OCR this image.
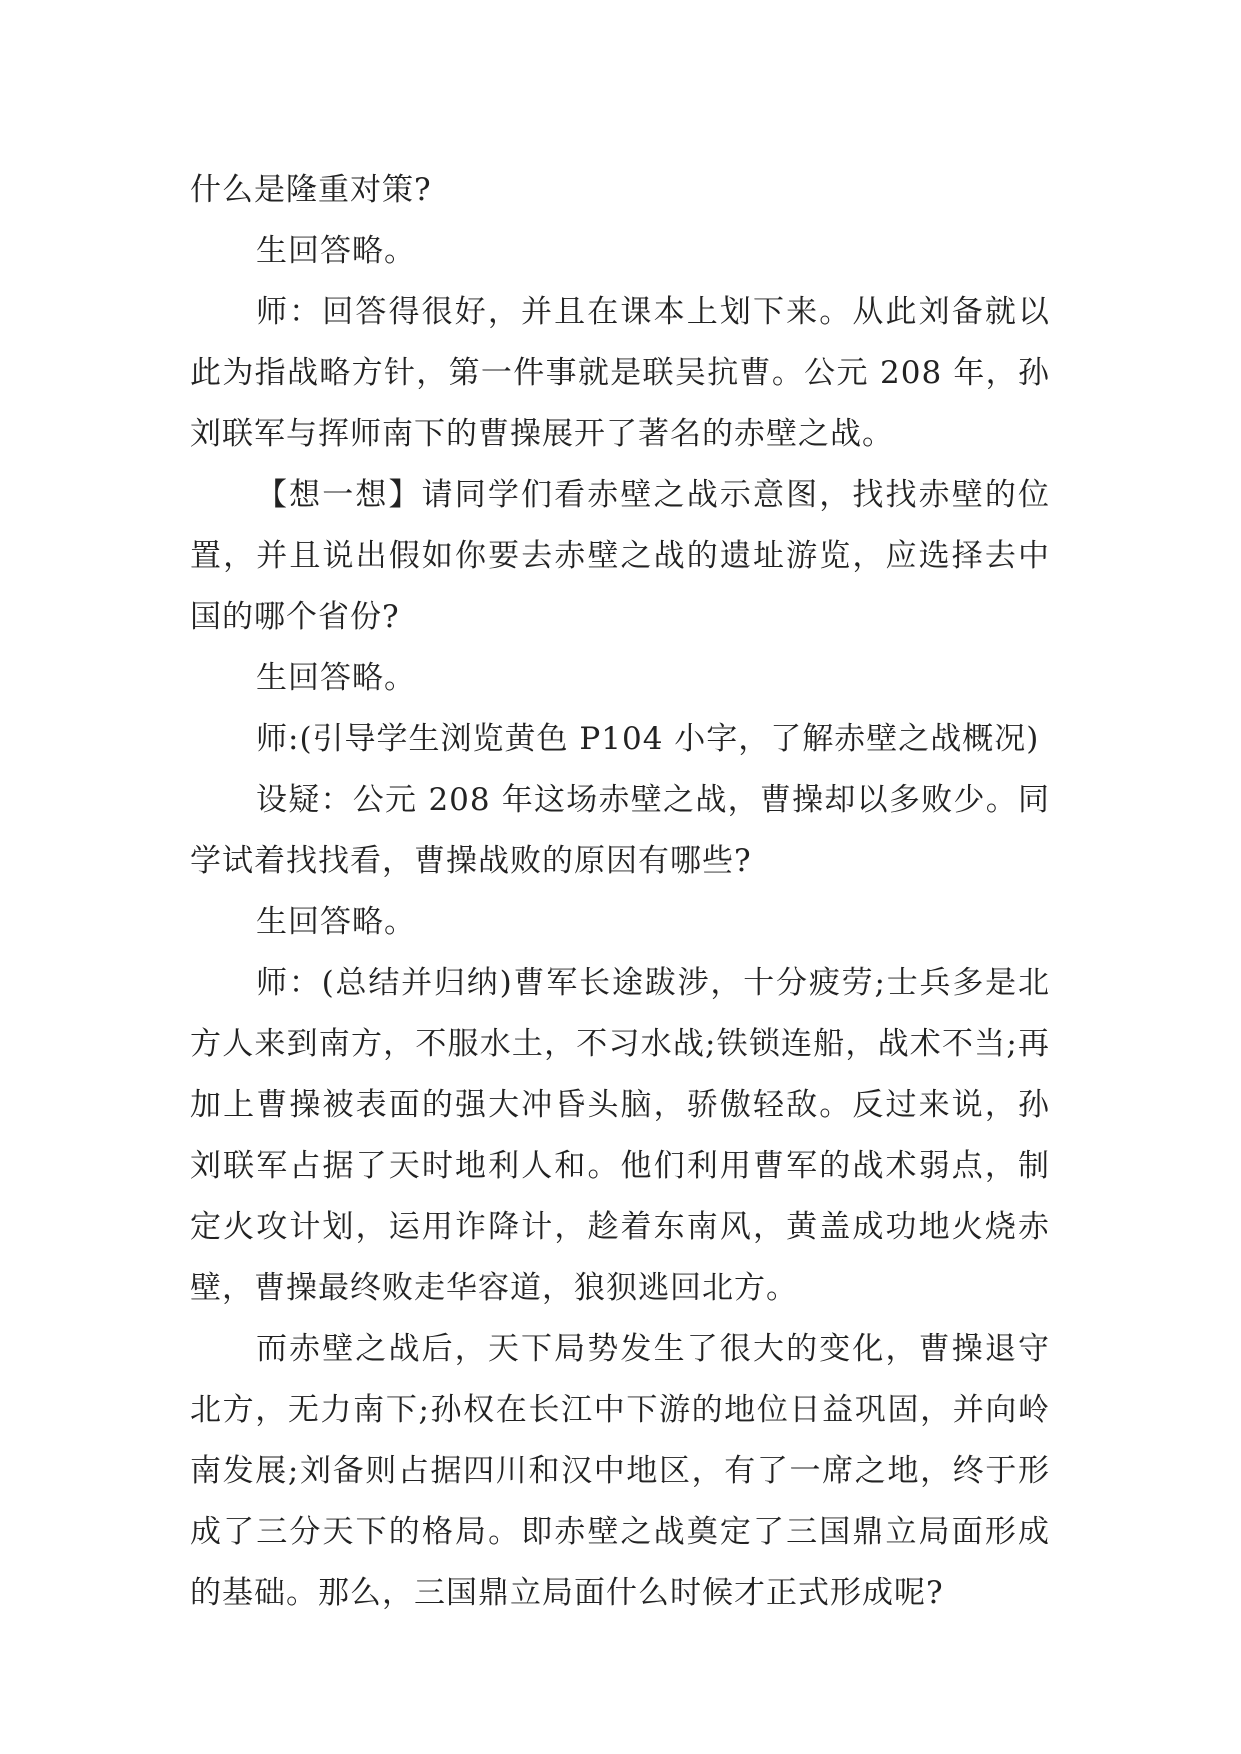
什么是隆重对策?

生回答略。

师：回答得很好，并且在课本上划下来。从此刘备就以此为指战略方针，第一件事就是联吴抗曹。公元 208 年，孙刘联军与挥师南下的曹操展开了著名的赤壁之战。

【想一想】请同学们看赤壁之战示意图，找找赤壁的位置，并且说出假如你要去赤壁之战的遗址游览，应选择去中国的哪个省份?

生回答略。

师:(引导学生浏览黄色 P104 小字，了解赤壁之战概况)

设疑：公元 208 年这场赤壁之战，曹操却以多败少。同学试着找找看，曹操战败的原因有哪些?

生回答略。

师：(总结并归纳)曹军长途跋涉，十分疲劳;士兵多是北方人来到南方，不服水土，不习水战;铁锁连船，战术不当;再加上曹操被表面的强大冲昏头脑，骄傲轻敌。反过来说，孙刘联军占据了天时地利人和。他们利用曹军的战术弱点，制定火攻计划，运用诈降计，趁着东南风，黄盖成功地火烧赤壁，曹操最终败走华容道，狼狈逃回北方。

而赤壁之战后，天下局势发生了很大的变化，曹操退守北方，无力南下;孙权在长江中下游的地位日益巩固，并向岭南发展;刘备则占据四川和汉中地区，有了一席之地，终于形成了三分天下的格局。即赤壁之战奠定了三国鼎立局面形成的基础。那么，三国鼎立局面什么时候才正式形成呢?
